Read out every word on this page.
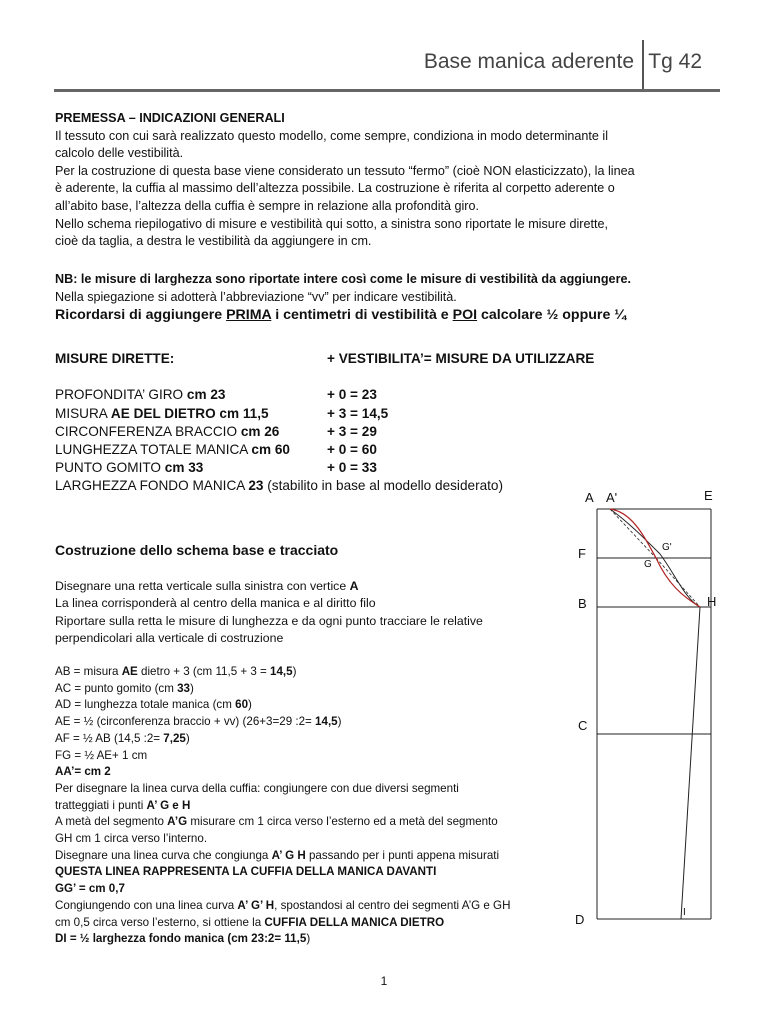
Base manica aderente Tg 42

PREMESSA – INDICAZIONI GENERALI

Il tessuto con cui sarà realizzato questo modello, come sempre, condiziona in modo determinante il

calcolo delle vestibilità.

Per la costruzione di questa base viene considerato un tessuto “fermo” (cioè NON elasticizzato), la linea

è aderente, la cuffia al massimo dell’altezza possibile. La costruzione è riferita al corpetto aderente o

all’abito base, l’altezza della cuffia è sempre in relazione alla profondità giro.

Nello schema riepilogativo di misure e vestibilità qui sotto, a sinistra sono riportate le misure dirette,

cioè da taglia, a destra le vestibilità da aggiungere in cm.

NB: le misure di larghezza sono riportate intere così come le misure di vestibilità da aggiungere.

Nella spiegazione si adotterà l’abbreviazione “vv” per indicare vestibilità.

Ricordarsi di aggiungere PRIMA i centimetri di vestibilità e POI calcolare ½ oppure ¼

MISURE DIRETTE:	+ VESTIBILITA’= MISURE DA UTILIZZARE
PROFONDITA’ GIRO cm 23	+ 0 = 23
MISURA AE DEL DIETRO cm 11,5	+ 3 = 14,5
CIRCONFERENZA BRACCIO cm 26	+ 3 = 29
LUNGHEZZA TOTALE MANICA cm 60	+ 0 = 60
PUNTO GOMITO cm 33	+ 0 = 33
LARGHEZZA FONDO MANICA 23 (stabilito in base al modello desiderato)
Costruzione dello schema base e tracciato

Disegnare una retta verticale sulla sinistra con vertice A

La linea corrisponderà al centro della manica e al diritto filo

Riportare sulla retta le misure di lunghezza e da ogni punto tracciare le relative

perpendicolari alla verticale di costruzione

AB = misura AE dietro + 3 (cm 11,5 + 3 = 14,5)

AC = punto gomito (cm 33)

AD = lunghezza totale manica (cm 60)

AE = ½ (circonferenza braccio + vv) (26+3=29 :2= 14,5)

AF = ½ AB (14,5 :2= 7,25)

FG = ½ AE+ 1 cm

AA’= cm 2

Per disegnare la linea curva della cuffia: congiungere con due diversi segmenti

tratteggiati i punti A’ G e H

A metà del segmento A’G misurare cm 1 circa verso l’esterno ed a metà del segmento

GH cm 1 circa verso l’interno.

Disegnare una linea curva che congiunga A’ G H passando per i punti appena misurati

QUESTA LINEA RAPPRESENTA LA CUFFIA DELLA MANICA DAVANTI

GG’ = cm 0,7

Congiungendo con una linea curva A’ G’ H, spostandosi al centro dei segmenti A’G e GH

cm 0,5 circa verso l’esterno, si ottiene la CUFFIA DELLA MANICA DIETRO

DI = ½ larghezza fondo manica (cm 23:2= 11,5)

A A'	E
F	G'
G
B	H
C
D	I
1
